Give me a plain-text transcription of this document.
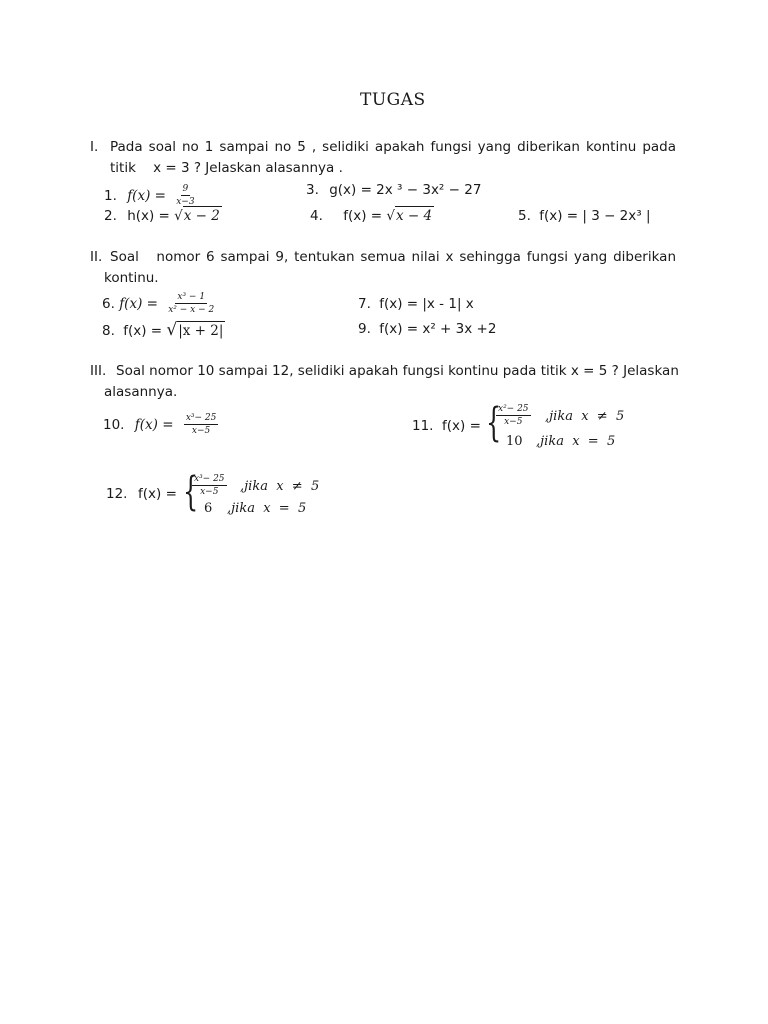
TUGAS
I. Pada soal no 1 sampai no 5 , selidiki apakah fungsi yang diberikan kontinu pada
titik    x = 3 ? Jelaskan alasannya .
1. $f(x) = \frac{9}{x-3}$	3. g(x) = 2x ³ − 3x² − 27
2. h(x) = √x − 2	4. f(x) = √x − 4	5. f(x) = | 3 − 2x³ |
II. Soal   nomor 6 sampai 9, tentukan semua nilai x sehingga fungsi yang diberikan
kontinu.
6. $f(x) = \frac{\text{x³ − 1}}{\text{x² − x − 2}}$	7. f(x) = |x - 1| x
8. f(x) = √|x + 2|	9. f(x) = x² + 3x +2
III. Soal nomor 10 sampai 12, selidiki apakah fungsi kontinu pada titik x = 5 ? Jelaskan
alasannya.
10. $f(x) = \frac{\text{x³− 25}}{x-5}$	11. f(x) = {
$\frac{\text{x²− 25}}{x-5}$ ,jika  x  ≠  5
10 ,jika  x  =  5
12. f(x) = {
$\frac{\text{x³− 25}}{x-5}$ ,jika  x  ≠  5
6 ,jika  x  =  5
